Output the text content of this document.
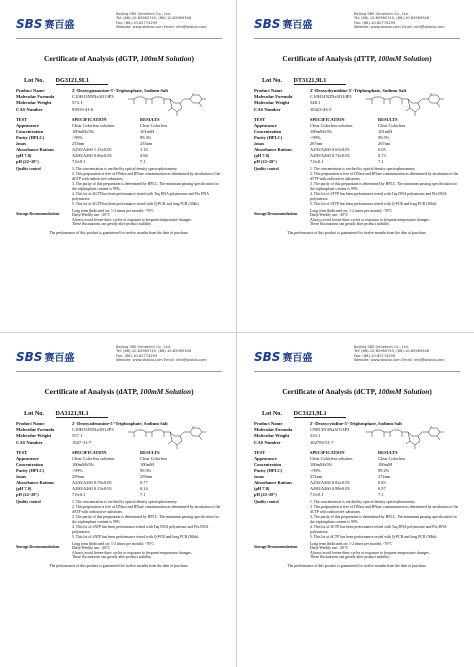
SBS 赛百盛
Beijing SBS Genetech Co., Ltd.
Tel: (86)-10-62960745, (86)-10-62969346
Fax: (86)-10-62774299
Website: www.sbsbio.com Email: info@sbsbio.com
Certificate of Analysis (dGTP, 100mM Solution)
Lot No. DG3121,9L1
Product Name	2'-Deoxyguanosine-5'-Triphosphate, Sodium Salt
Molecular Formula	C10H13N5Na3O13P3
Molecular Weight	573.1
CAS Number	93919-41-6
TEST	SPECIFICATION	RESULTS
Appearance	Clear Colorless solution	Clear Colorless
Concentration	100mM±5%	101mM
Purity (HPLC)	>99%	99.3%
λmax	253nm	253nm
Absorbance Rations	A250/A260 1.15±0.05	1.16
(pH 7.0)	A280/A260 0.66±0.03	0.66
pH (22~28°)	7.0±0.1	7.1
Quality control	1. The concentration is verified by optical density spectrophotometry.

2. This preparation is free of DNase and RNase contamination as determined by incubation of the dGTP with radioactive substrates.

3. The purity of this preparation is determined by HPLC. The minimum passing specification for the triphosphate content is 99%.

4. This lot of dGTP has been performance tested with Taq DNA polymerase and Pfu DNA polymerase.

5. This lot of dGTP has been performance tested with Q-PCR and long PCR (30kb).

Storage Recommendations

Long term (Indicated on: 1-2 times per month): -70°C

Daily/Weekly use: -20°C

Always avoid freeze-thaw cycles or exposure to frequent temperature changes.

These fluctuations can greatly alter product stability.

The performance of this product is guaranteed for twelve months from the date of purchase.
SBS 赛百盛
Beijing SBS Genetech Co., Ltd.
Tel: (86)-10-62960745, (86)-10-62969346
Fax: (86)-10-62774299
Website: www.sbsbio.com Email: info@sbsbio.com
Certificate of Analysis (dTTP, 100mM Solution)
Lot No. DT3121,9L1
Product Name	2'-Deoxythymidine-5'-Triphosphate, Sodium Salt
Molecular Formula	C10H14N2Na3O14P3
Molecular Weight	548.1
CAS Number	18423-43-3
TEST	SPECIFICATION	RESULTS
Appearance	Clear Colorless solution	Clear Colorless
Concentration	100mM±5%	101mM
Purity (HPLC)	>99%	99.5%
λmax	267nm	267nm
Absorbance Rations	A250/A260 0.65±0.05	0.65
(pH 7.0)	A280/A260 0.74±0.03	0.73
pH (22~28°)	7.0±0.1	7.1
Quality control	1. The concentration is verified by optical density spectrophotometry.

2. This preparation is free of DNase and RNase contamination as determined by incubation of the dTTP with radioactive substrates.

3. The purity of this preparation is determined by HPLC. The minimum passing specification for the triphosphate content is 99%.

4. This lot of dTTP has been performance tested with Taq DNA polymerase and Pfu DNA polymerase.

5. This lot of dTTP has been performance tested with Q-PCR and long PCR (30kb).

Storage Recommendations

Long term (Indicated on: 1-2 times per month): -70°C

Daily/Weekly use: -20°C

Always avoid freeze-thaw cycles or exposure to frequent temperature changes.

These fluctuations can greatly alter product stability.

The performance of this product is guaranteed for twelve months from the date of purchase.
SBS 赛百盛
Beijing SBS Genetech Co., Ltd.
Tel: (86)-10-62960745, (86)-10-62969346
Fax: (86)-10-62774299
Website: www.sbsbio.com Email: info@sbsbio.com
Certificate of Analysis (dATP, 100mM Solution)
Lot No. DA3121,9L1
Product Name	2'-Deoxyadenosine-5'-Triphosphate, Sodium Salt
Molecular Formula	C10H13N5Na3O12P3
Molecular Weight	557.1
CAS Number	1927-31-7
TEST	SPECIFICATION	RESULTS
Appearance	Clear Colorless solution	Clear Colorless
Concentration	100mM±5%	100mM
Purity (HPLC)	>99%	99.3%
λmax	259nm	259nm
Absorbance Rations	A250/A260 0.78±0.05	0.77
(pH 7.0)	A280/A260 0.15±0.03	0.14
pH (22~28°)	7.0±0.1	7.1
Quality control	1. The concentration is verified by optical density spectrophotometry.

2. This preparation is free of DNase and RNase contamination as determined by incubation of the dATP with radioactive substrates.

3. The purity of this preparation is determined by HPLC. The minimum passing specification for the triphosphate content is 99%.

4. This lot of dATP has been performance tested with Taq DNA polymerase and Pfu DNA polymerase.

5. This lot of dATP has been performance tested with Q-PCR and long PCR (30kb).

Storage Recommendations

Long term (Indicated on: 1-2 times per month): -70°C

Daily/Weekly use: -20°C

Always avoid freeze-thaw cycles or exposure to frequent temperature changes.

These fluctuations can greatly alter product stability.

The performance of this product is guaranteed for twelve months from the date of purchase.
SBS 赛百盛
Beijing SBS Genetech Co., Ltd.
Tel: (86)-10-62960745, (86)-10-62969346
Fax: (86)-10-62774299
Website: www.sbsbio.com Email: info@sbsbio.com
Certificate of Analysis (dCTP, 100mM Solution)
Lot No. DC3121,9L1
Product Name	2'-Deoxycytidine-5'-Triphosphate, Sodium Salt
Molecular Formula	C9H13N3Na3O13P3
Molecular Weight	533.1
CAS Number	102783-51-7
TEST	SPECIFICATION	RESULTS
Appearance	Clear Colorless solution	Clear Colorless
Concentration	100mM±5%	100mM
Purity (HPLC)	>99%	99.2%
λmax	272nm	272nm
Absorbance Rations	A250/A260 0.82±0.05	0.83
(pH 7.0)	A280/A260 0.98±0.03	0.97
pH (22~28°)	7.0±0.1	7.1
Quality control	1. The concentration is verified by optical density spectrophotometry.

2. This preparation is free of DNase and RNase contamination as determined by incubation of the dCTP with radioactive substrates.

3. The purity of this preparation is determined by HPLC. The minimum passing specification for the triphosphate content is 99%.

4. This lot of dCTP has been performance tested with Taq DNA polymerase and Pfu DNA polymerase.

5. This lot of dCTP has been performance tested with Q-PCR and long PCR (30kb).

Storage Recommendations

Long term (Indicated on: 1-2 times per month): -70°C

Daily/Weekly use: -20°C

Always avoid freeze-thaw cycles or exposure to frequent temperature changes.

These fluctuations can greatly alter product stability.

The performance of this product is guaranteed for twelve months from the date of purchase.
